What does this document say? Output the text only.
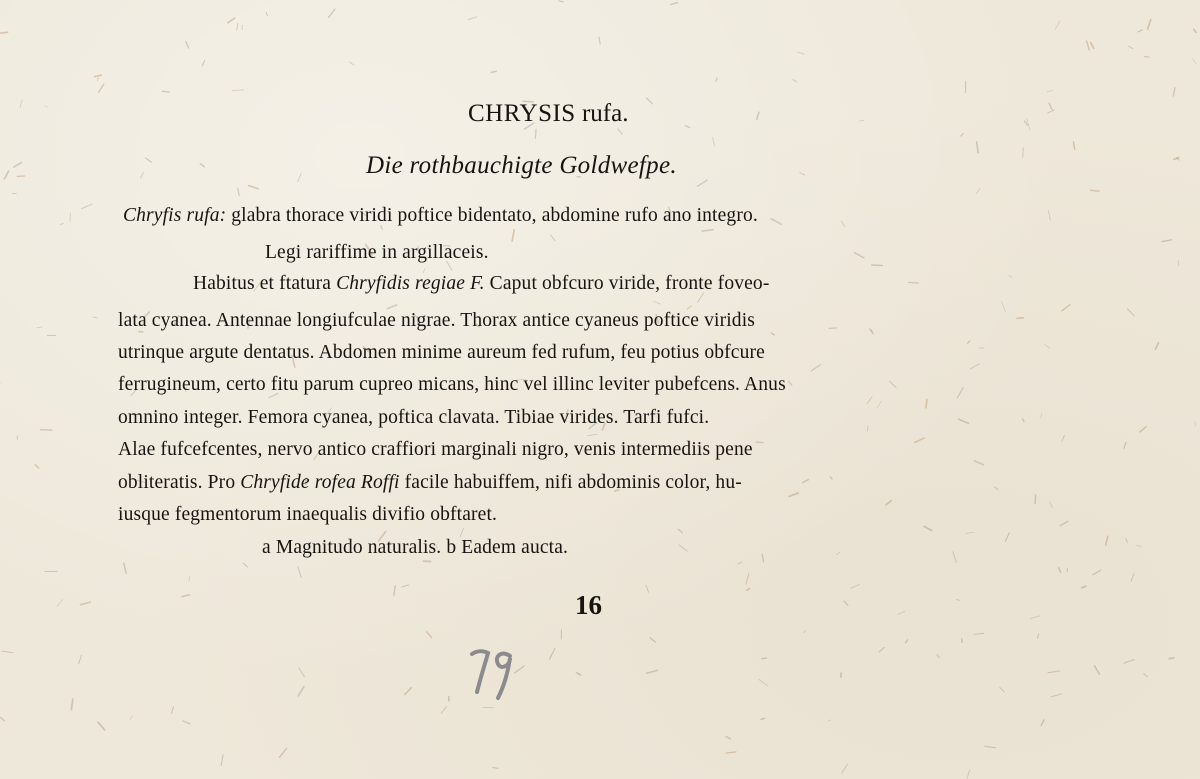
CHRYSIS rufa.
Die rothbauchigte Goldwefpe.
Chryfis rufa: glabra thorace viridi poftice bidentato, abdomine rufo ano integro.
Legi rariffime in argillaceis.
Habitus et ftatura Chryfidis regiae F. Caput obfcuro viride, fronte foveo-
lata cyanea. Antennae longiufculae nigrae. Thorax antice cyaneus poftice viridis
utrinque argute dentatus. Abdomen minime aureum fed rufum, feu potius obfcure
ferrugineum, certo fitu parum cupreo micans, hinc vel illinc leviter pubefcens. Anus
omnino integer. Femora cyanea, poftica clavata. Tibiae virides. Tarfi fufci.
Alae fufcefcentes, nervo antico craffiori marginali nigro, venis intermediis pene
obliteratis. Pro Chryfide rofea Roffi facile habuiffem, nifi abdominis color, hu-
iusque fegmentorum inaequalis divifio obftaret.
a Magnitudo naturalis. b Eadem aucta.
16
